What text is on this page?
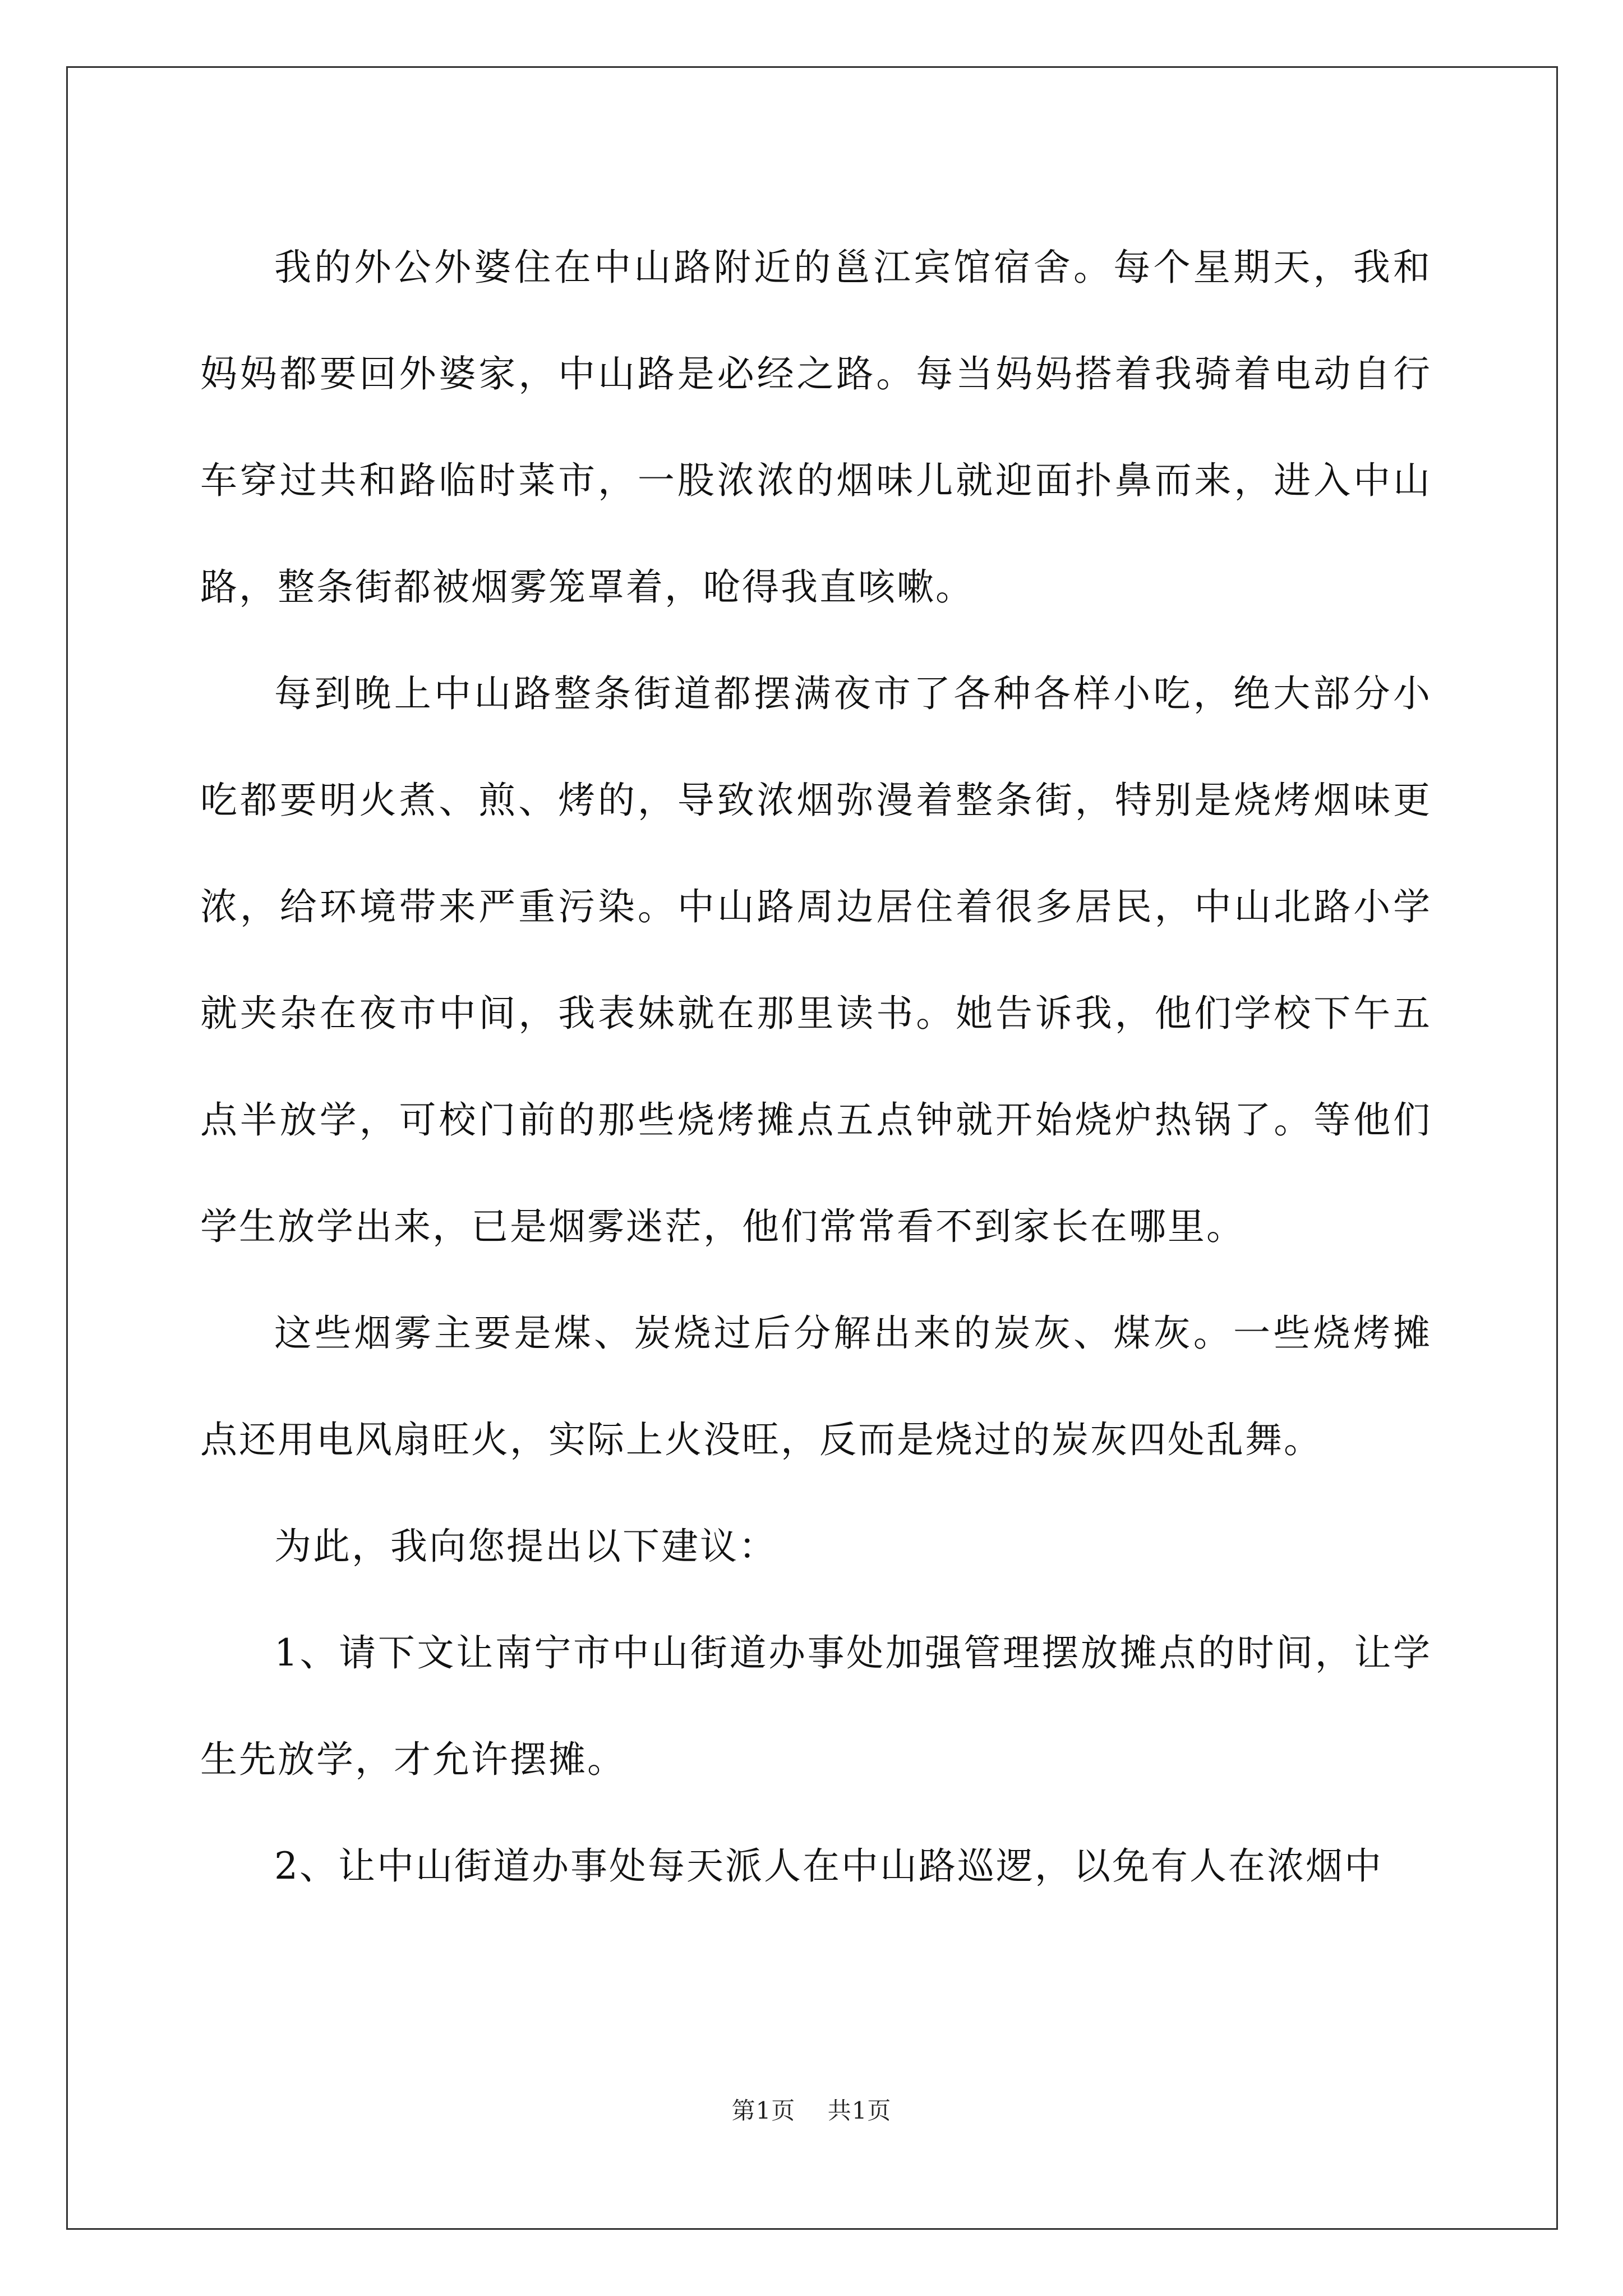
我的外公外婆住在中山路附近的邕江宾馆宿舍。每个星期天，我和妈妈都要回外婆家，中山路是必经之路。每当妈妈搭着我骑着电动自行车穿过共和路临时菜市，一股浓浓的烟味儿就迎面扑鼻而来，进入中山路，整条街都被烟雾笼罩着，呛得我直咳嗽。

每到晚上中山路整条街道都摆满夜市了各种各样小吃，绝大部分小吃都要明火煮、煎、烤的，导致浓烟弥漫着整条街，特别是烧烤烟味更浓，给环境带来严重污染。中山路周边居住着很多居民，中山北路小学就夹杂在夜市中间，我表妹就在那里读书。她告诉我，他们学校下午五点半放学，可校门前的那些烧烤摊点五点钟就开始烧炉热锅了。等他们学生放学出来，已是烟雾迷茫，他们常常看不到家长在哪里。

这些烟雾主要是煤、炭烧过后分解出来的炭灰、煤灰。一些烧烤摊点还用电风扇旺火，实际上火没旺，反而是烧过的炭灰四处乱舞。

为此，我向您提出以下建议：

1、请下文让南宁市中山街道办事处加强管理摆放摊点的时间，让学生先放学，才允许摆摊。

2、让中山街道办事处每天派人在中山路巡逻，以免有人在浓烟中

第1页 共1页
